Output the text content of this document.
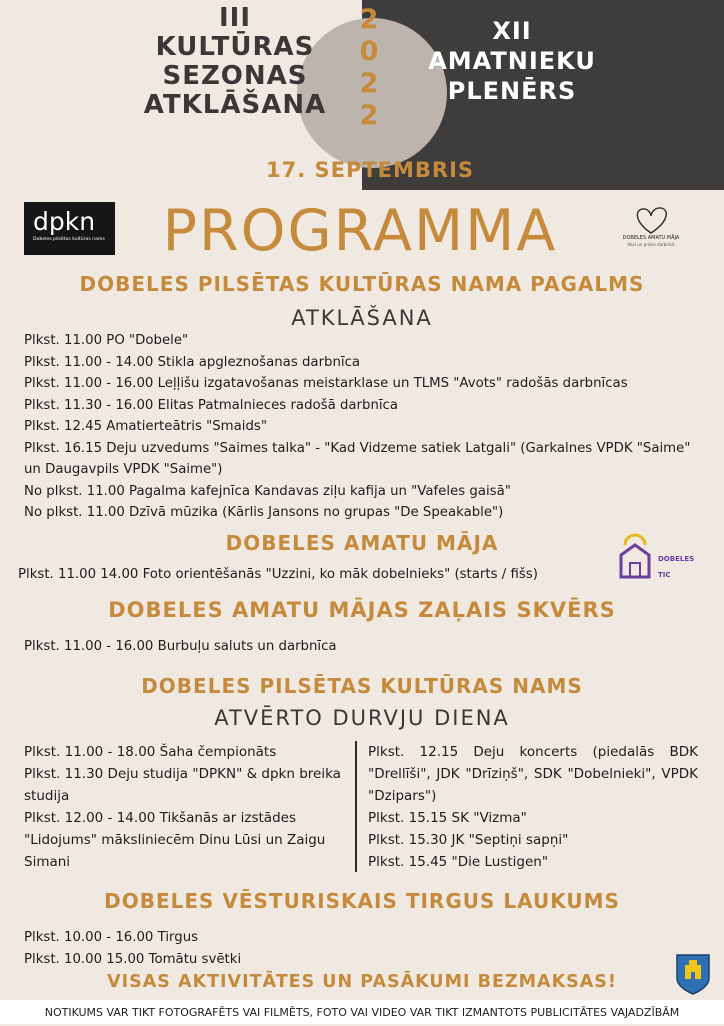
III
KULTŪRAS
SEZONAS
ATKLĀŠANA
XII
AMATNIEKU
PLENĒRS
2
0
2
2
17. SEPTEMBRIS
dpkn
Dobeles pilsētas kultūras nams	PROGRAMMA	DOBELES AMATU MĀJA
tikai un prieks darbnīcā
DOBELES PILSĒTAS KULTŪRAS NAMA PAGALMS
ATKLĀŠANA
Plkst. 11.00 PO "Dobele"
Plkst. 11.00 - 14.00 Stikla apgleznošanas darbnīca
Plkst. 11.00 - 16.00 Leļļišu izgatavošanas meistarklase un TLMS "Avots" radošās darbnīcas
Plkst. 11.30 - 16.00 Elitas Patmalnieces radošā darbnīca
Plkst. 12.45 Amatierteātris "Smaids"
Plkst. 16.15 Deju uzvedums "Saimes talka" - "Kad Vidzeme satiek Latgali" (Garkalnes VPDK "Saime" un Daugavpils VPDK "Saime")
No plkst. 11.00 Pagalma kafejnīca Kandavas ziļu kafija un "Vafeles gaisā"
No plkst. 11.00 Dzīvā mūzika (Kārlis Jansons no grupas "De Speakable")
DOBELES AMATU MĀJA
Plkst. 11.00 14.00 Foto orientēšanās "Uzzini, ko māk dobelnieks" (starts / fišs)
DOBELES
TIC
DOBELES AMATU MĀJAS ZAĻAIS SKVĒRS
Plkst. 11.00 - 16.00 Burbuļu saluts un darbnīca
DOBELES PILSĒTAS KULTŪRAS NAMS
ATVĒRTO DURVJU DIENA
Plkst. 11.00 - 18.00 Šaha čempionāts
Plkst. 11.30 Deju studija "DPKN" & dpkn breika studija
Plkst. 12.00 - 14.00 Tikšanās ar izstādes "Lidojums" māksliniecēm Dinu Lūsi un Zaigu Simani
Plkst. 12.15 Deju koncerts (piedalās BDK "Drellīši", JDK "Drīziņš", SDK "Dobelnieki", VPDK "Dzipars")
Plkst. 15.15 SK "Vizma"
Plkst. 15.30 JK "Septiņi sapņi"
Plkst. 15.45 "Die Lustigen"
DOBELES VĒSTURISKAIS TIRGUS LAUKUMS
Plkst. 10.00 - 16.00 Tirgus
Plkst. 10.00 15.00 Tomātu svētki
VISAS AKTIVITĀTES UN PASĀKUMI BEZMAKSAS!
NOTIKUMS VAR TIKT FOTOGRAFĒTS VAI FILMĒTS, FOTO VAI VIDEO VAR TIKT IZMANTOTS PUBLICITĀTES VAJADZĪBĀM
